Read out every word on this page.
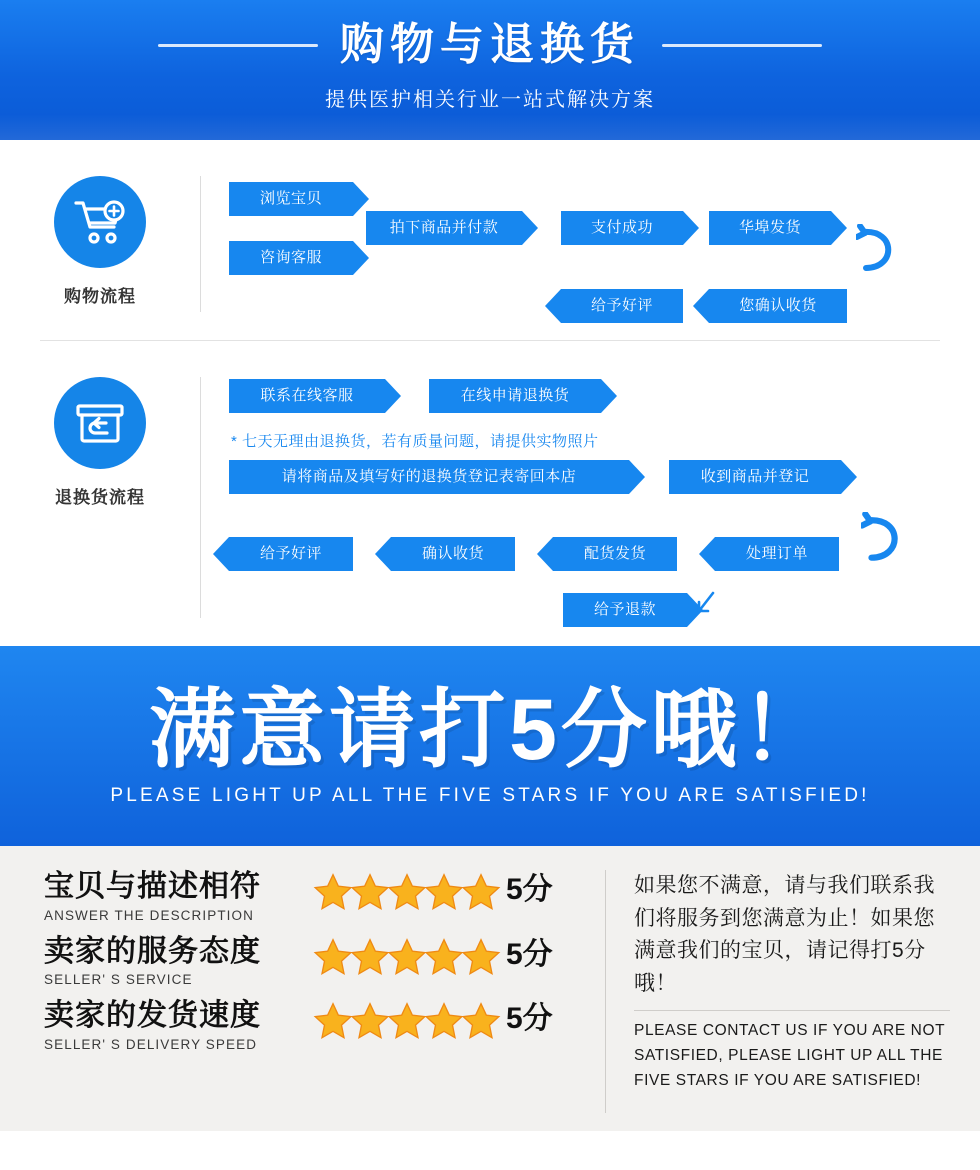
购物与退换货
提供医护相关行业一站式解决方案
购物流程
浏览宝贝
拍下商品并付款	支付成功	华埠发货
咨询客服
给予好评	您确认收货
退换货流程
联系在线客服	在线申请退换货
* 七天无理由退换货，若有质量问题，请提供实物照片
请将商品及填写好的退换货登记表寄回本店	收到商品并登记
给予好评	确认收货	配货发货	处理订单
给予退款
满意请打5分哦！
PLEASE LIGHT UP ALL THE FIVE STARS IF YOU ARE SATISFIED!
宝贝与描述相符
ANSWER THE DESCRIPTION
5分
卖家的服务态度
SELLER' S SERVICE
5分
卖家的发货速度
SELLER' S DELIVERY SPEED
5分
如果您不满意，请与我们联系我们将服务到您满意为止！如果您满意我们的宝贝，请记得打5分哦！
PLEASE CONTACT US IF YOU ARE NOT SATISFIED, PLEASE LIGHT UP ALL THE FIVE STARS IF YOU ARE SATISFIED!
